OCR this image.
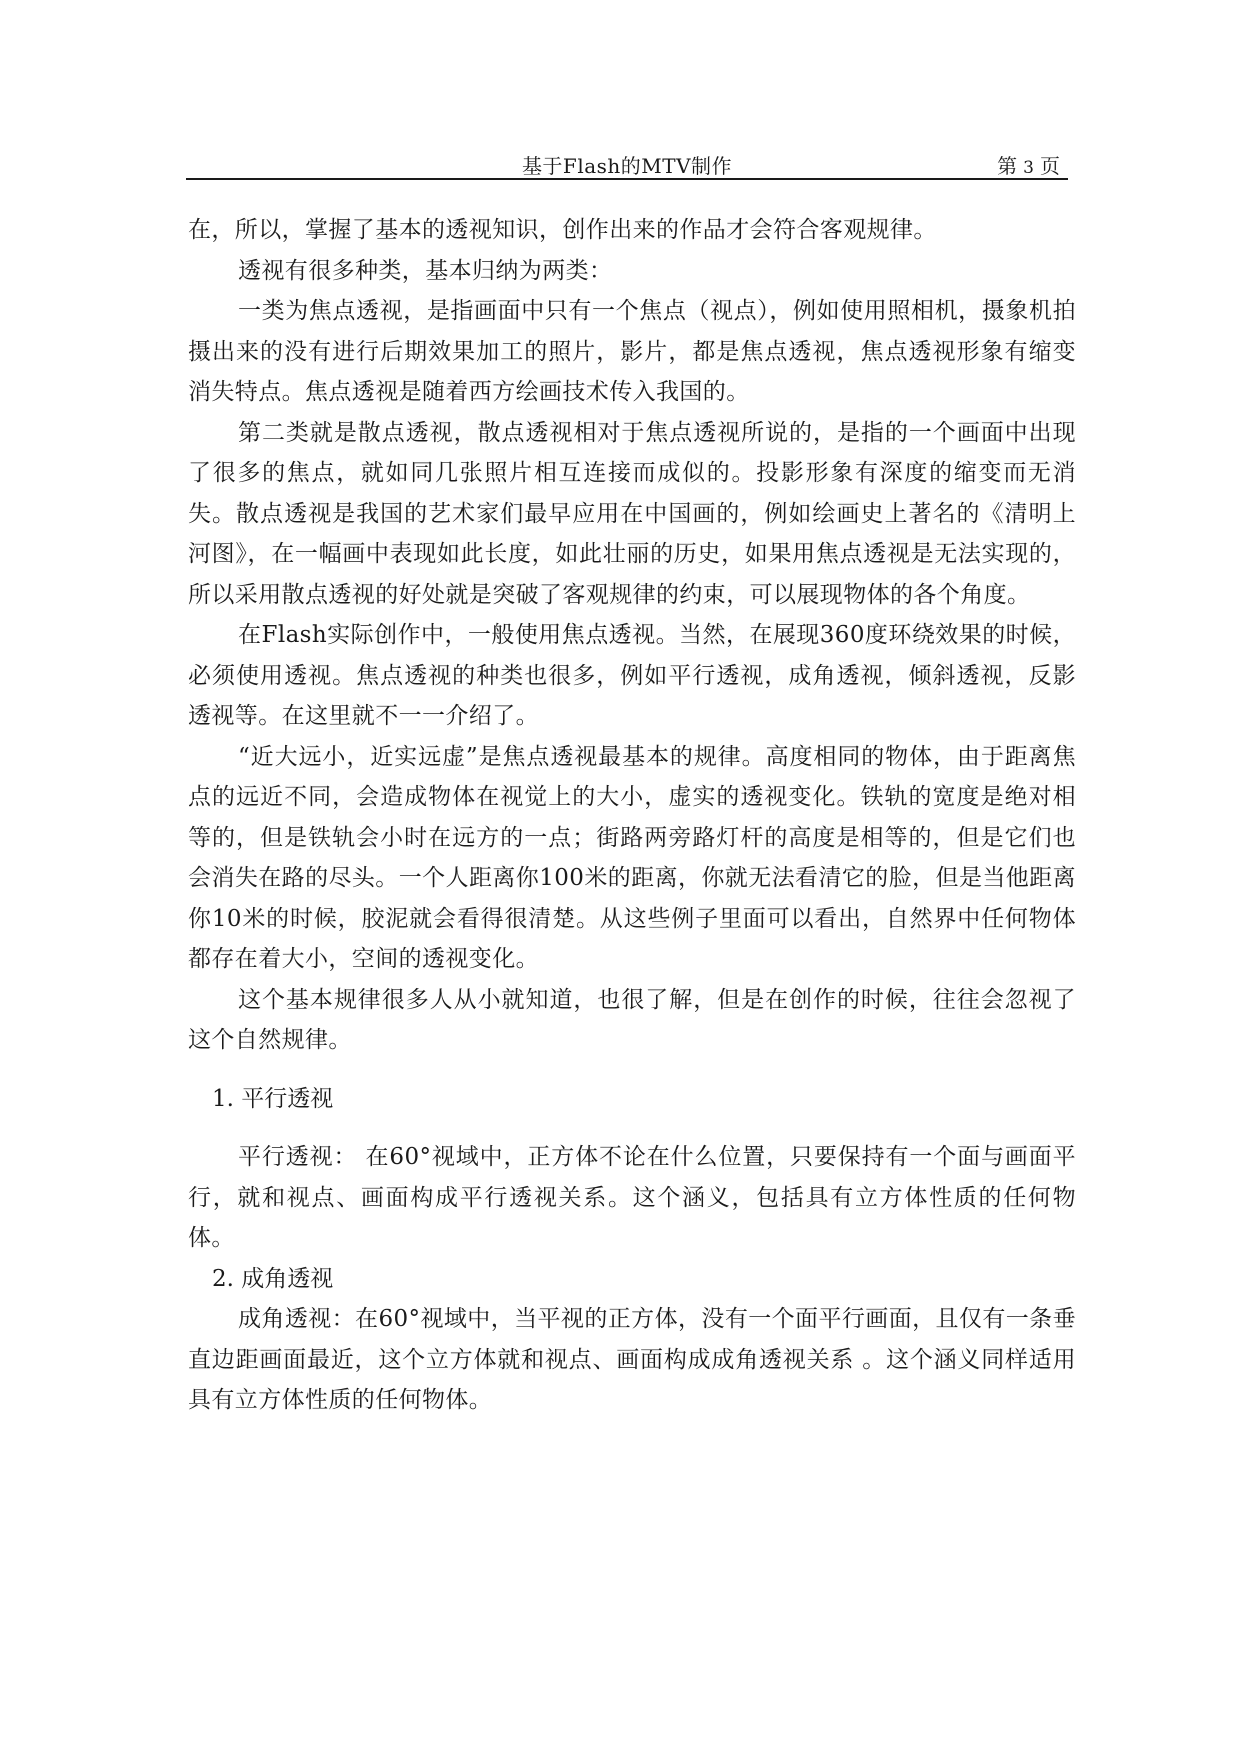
基于Flash的MTV制作	第 3 页

在，所以，掌握了基本的透视知识，创作出来的作品才会符合客观规律。

透视有很多种类，基本归纳为两类：

一类为焦点透视，是指画面中只有一个焦点（视点），例如使用照相机，摄象机拍摄出来的没有进行后期效果加工的照片，影片，都是焦点透视，焦点透视形象有缩变消失特点。焦点透视是随着西方绘画技术传入我国的。

第二类就是散点透视，散点透视相对于焦点透视所说的，是指的一个画面中出现了很多的焦点，就如同几张照片相互连接而成似的。投影形象有深度的缩变而无消失。散点透视是我国的艺术家们最早应用在中国画的，例如绘画史上著名的《清明上河图》，在一幅画中表现如此长度，如此壮丽的历史，如果用焦点透视是无法实现的，所以采用散点透视的好处就是突破了客观规律的约束，可以展现物体的各个角度。

在Flash实际创作中，一般使用焦点透视。当然，在展现360度环绕效果的时候，必须使用透视。焦点透视的种类也很多，例如平行透视，成角透视，倾斜透视，反影透视等。在这里就不一一介绍了。

“近大远小，近实远虚”是焦点透视最基本的规律。高度相同的物体，由于距离焦点的远近不同，会造成物体在视觉上的大小，虚实的透视变化。铁轨的宽度是绝对相等的，但是铁轨会小时在远方的一点；街路两旁路灯杆的高度是相等的，但是它们也会消失在路的尽头。一个人距离你100米的距离，你就无法看清它的脸，但是当他距离你10米的时候，胶泥就会看得很清楚。从这些例子里面可以看出，自然界中任何物体都存在着大小，空间的透视变化。

这个基本规律很多人从小就知道，也很了解，但是在创作的时候，往往会忽视了这个自然规律。

1. 平行透视

平行透视： 在60°视域中，正方体不论在什么位置，只要保持有一个面与画面平行，就和视点、画面构成平行透视关系。这个涵义，包括具有立方体性质的任何物体。

2. 成角透视

成角透视：在60°视域中，当平视的正方体，没有一个面平行画面，且仅有一条垂直边距画面最近，这个立方体就和视点、画面构成成角透视关系 。这个涵义同样适用具有立方体性质的任何物体。
